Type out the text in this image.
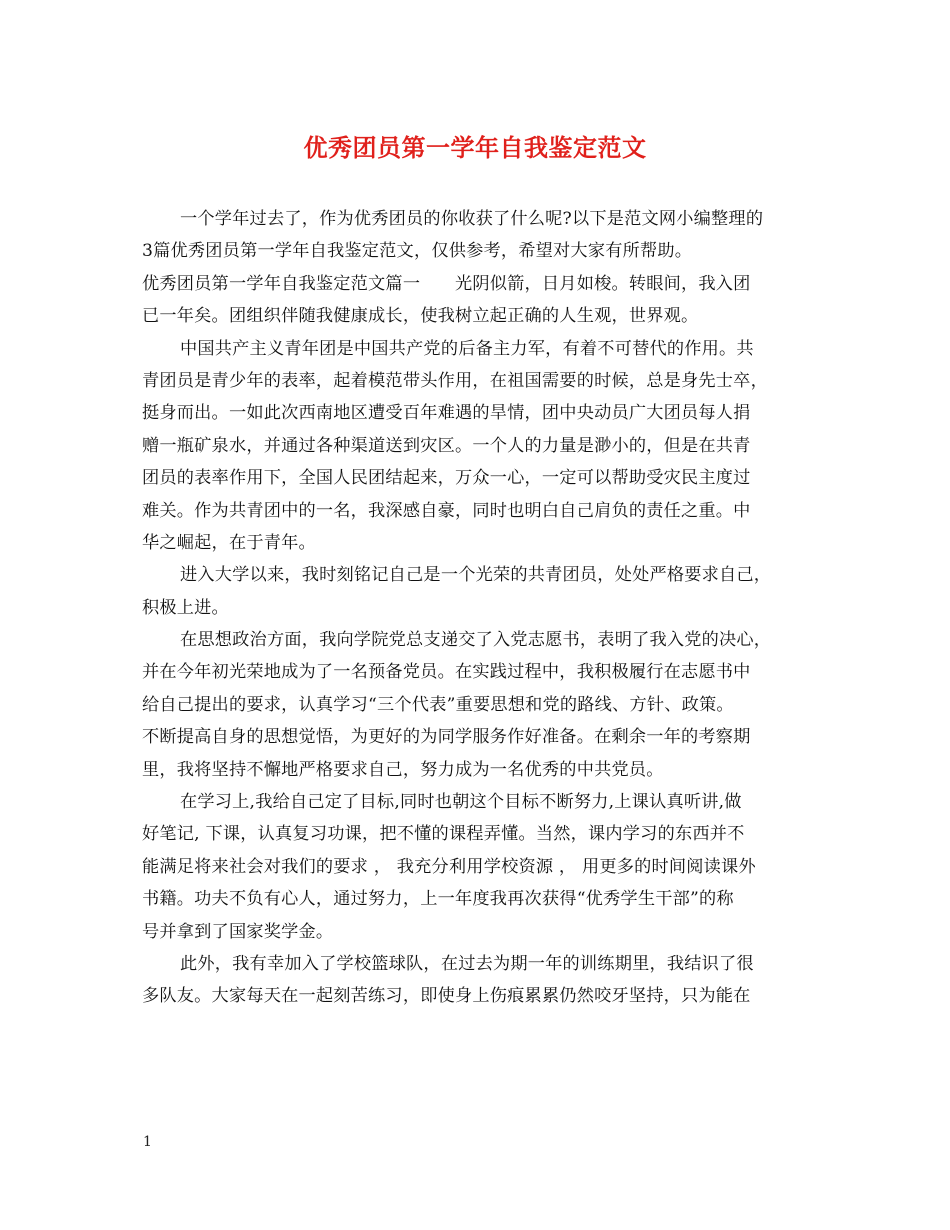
优秀团员第一学年自我鉴定范文
一个学年过去了，作为优秀团员的你收获了什么呢?以下是范文网小编整理的
3篇优秀团员第一学年自我鉴定范文，仅供参考，希望对大家有所帮助。
优秀团员第一学年自我鉴定范文篇一　　光阴似箭，日月如梭。转眼间，我入团
已一年矣。团组织伴随我健康成长，使我树立起正确的人生观，世界观。
中国共产主义青年团是中国共产党的后备主力军，有着不可替代的作用。共
青团员是青少年的表率，起着模范带头作用，在祖国需要的时候，总是身先士卒，
挺身而出。一如此次西南地区遭受百年难遇的旱情，团中央动员广大团员每人捐
赠一瓶矿泉水，并通过各种渠道送到灾区。一个人的力量是渺小的，但是在共青
团员的表率作用下，全国人民团结起来，万众一心，一定可以帮助受灾民主度过
难关。作为共青团中的一名，我深感自豪，同时也明白自己肩负的责任之重。中
华之崛起，在于青年。
进入大学以来，我时刻铭记自己是一个光荣的共青团员，处处严格要求自己，
积极上进。
在思想政治方面，我向学院党总支递交了入党志愿书，表明了我入党的决心，
并在今年初光荣地成为了一名预备党员。在实践过程中，我积极履行在志愿书中
给自己提出的要求，认真学习“三个代表”重要思想和党的路线、方针、政策。
不断提高自身的思想觉悟，为更好的为同学服务作好准备。在剩余一年的考察期
里，我将坚持不懈地严格要求自己，努力成为一名优秀的中共党员。
在学习上,我给自己定了目标,同时也朝这个目标不断努力,上课认真听讲,做
好笔记, 下课，认真复习功课，把不懂的课程弄懂。当然，课内学习的东西并不
能满足将来社会对我们的要求 ， 我充分利用学校资源 ， 用更多的时间阅读课外
书籍。功夫不负有心人，通过努力，上一年度我再次获得“优秀学生干部”的称
号并拿到了国家奖学金。
此外，我有幸加入了学校篮球队，在过去为期一年的训练期里，我结识了很
多队友。大家每天在一起刻苦练习，即使身上伤痕累累仍然咬牙坚持，只为能在
1
